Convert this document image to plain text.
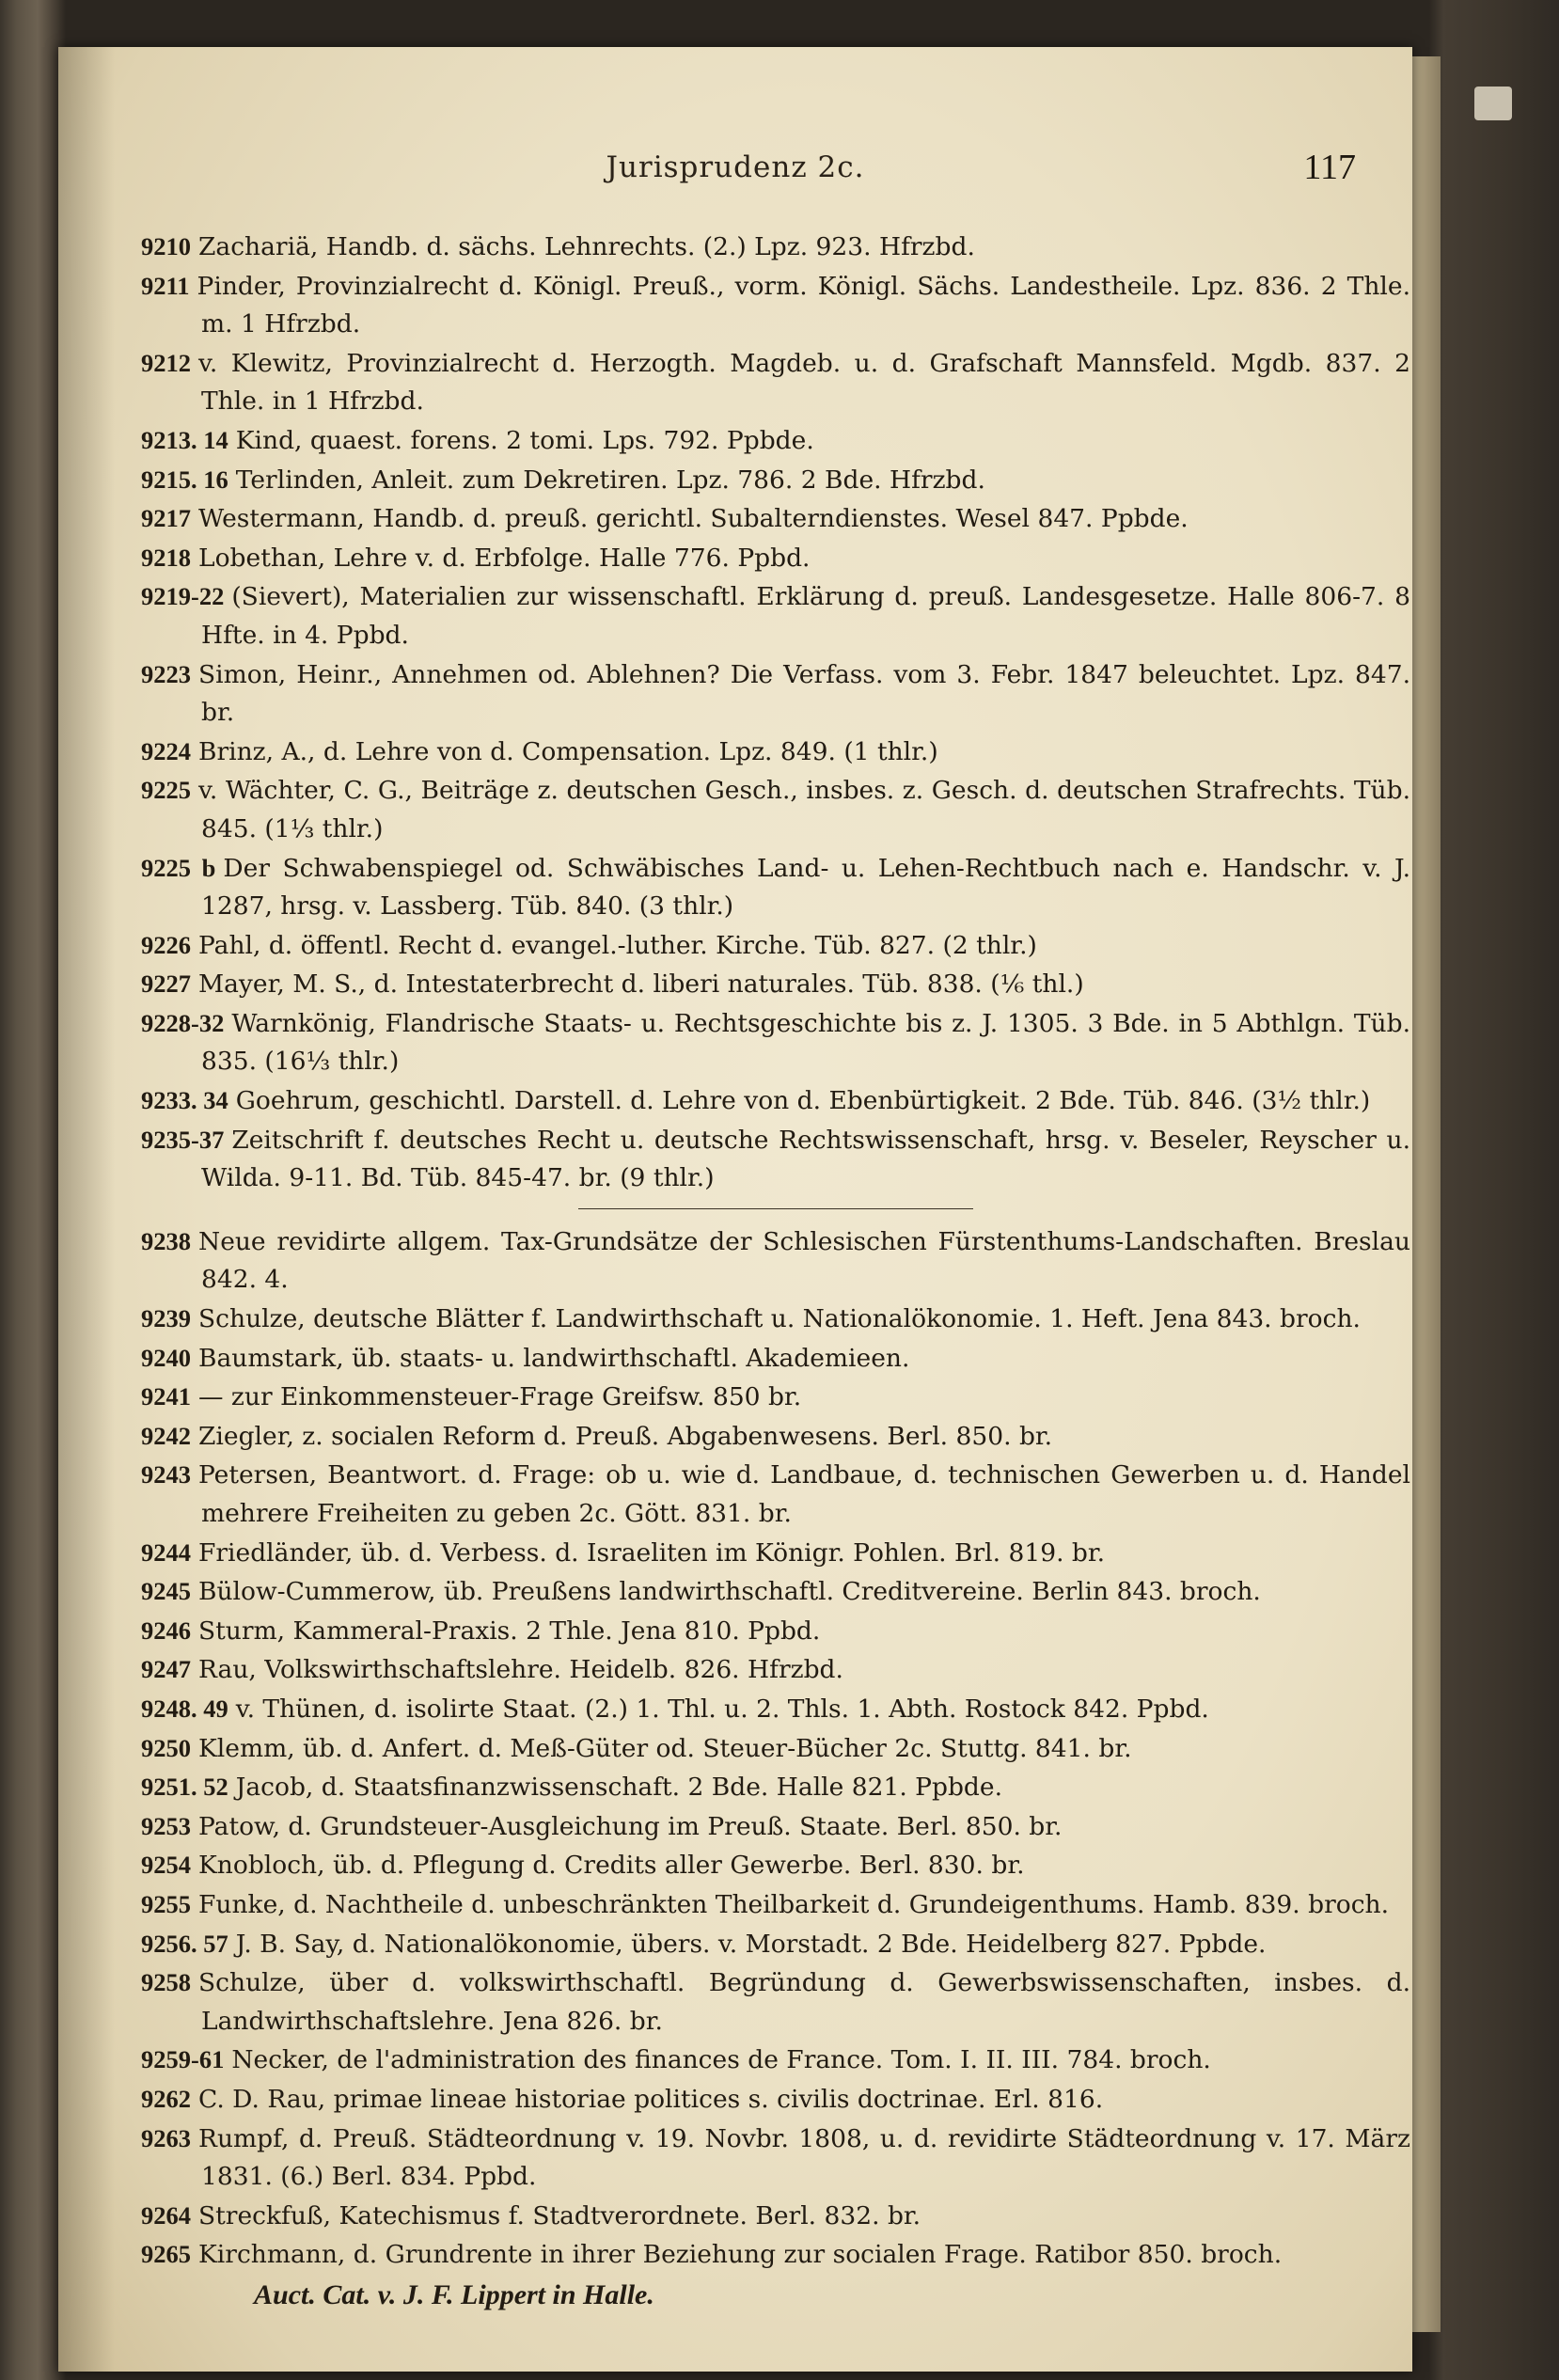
Jurisprudenz 2c.	117

9210 Zachariä, Handb. d. sächs. Lehnrechts. (2.) Lpz. 923. Hfrzbd.

9211 Pinder, Provinzialrecht d. Königl. Preuß., vorm. Königl. Sächs. Landestheile. Lpz. 836. 2 Thle. m. 1 Hfrzbd.

9212 v. Klewitz, Provinzialrecht d. Herzogth. Magdeb. u. d. Grafschaft Mannsfeld. Mgdb. 837. 2 Thle. in 1 Hfrzbd.

9213. 14 Kind, quaest. forens. 2 tomi. Lps. 792. Ppbde.

9215. 16 Terlinden, Anleit. zum Dekretiren. Lpz. 786. 2 Bde. Hfrzbd.

9217 Westermann, Handb. d. preuß. gerichtl. Subalterndienstes. Wesel 847. Ppbde.

9218 Lobethan, Lehre v. d. Erbfolge. Halle 776. Ppbd.

9219-22 (Sievert), Materialien zur wissenschaftl. Erklärung d. preuß. Landesgesetze. Halle 806-7. 8 Hfte. in 4. Ppbd.

9223 Simon, Heinr., Annehmen od. Ablehnen? Die Verfass. vom 3. Febr. 1847 beleuchtet. Lpz. 847. br.

9224 Brinz, A., d. Lehre von d. Compensation. Lpz. 849. (1 thlr.)

9225 v. Wächter, C. G., Beiträge z. deutschen Gesch., insbes. z. Gesch. d. deutschen Strafrechts. Tüb. 845. (1⅓ thlr.)

9225 b Der Schwabenspiegel od. Schwäbisches Land- u. Lehen-Rechtbuch nach e. Handschr. v. J. 1287, hrsg. v. Lassberg. Tüb. 840. (3 thlr.)

9226 Pahl, d. öffentl. Recht d. evangel.-luther. Kirche. Tüb. 827. (2 thlr.)

9227 Mayer, M. S., d. Intestaterbrecht d. liberi naturales. Tüb. 838. (⅙ thl.)

9228-32 Warnkönig, Flandrische Staats- u. Rechtsgeschichte bis z. J. 1305. 3 Bde. in 5 Abthlgn. Tüb. 835. (16⅓ thlr.)

9233. 34 Goehrum, geschichtl. Darstell. d. Lehre von d. Ebenbürtigkeit. 2 Bde. Tüb. 846. (3½ thlr.)

9235-37 Zeitschrift f. deutsches Recht u. deutsche Rechtswissenschaft, hrsg. v. Beseler, Reyscher u. Wilda. 9-11. Bd. Tüb. 845-47. br. (9 thlr.)

9238 Neue revidirte allgem. Tax-Grundsätze der Schlesischen Fürstenthums-Landschaften. Breslau 842. 4.

9239 Schulze, deutsche Blätter f. Landwirthschaft u. Nationalökonomie. 1. Heft. Jena 843. broch.

9240 Baumstark, üb. staats- u. landwirthschaftl. Akademieen.

9241 — zur Einkommensteuer-Frage Greifsw. 850 br.

9242 Ziegler, z. socialen Reform d. Preuß. Abgabenwesens. Berl. 850. br.

9243 Petersen, Beantwort. d. Frage: ob u. wie d. Landbaue, d. technischen Gewerben u. d. Handel mehrere Freiheiten zu geben 2c. Gött. 831. br.

9244 Friedländer, üb. d. Verbess. d. Israeliten im Königr. Pohlen. Brl. 819. br.

9245 Bülow-Cummerow, üb. Preußens landwirthschaftl. Creditvereine. Berlin 843. broch.

9246 Sturm, Kammeral-Praxis. 2 Thle. Jena 810. Ppbd.

9247 Rau, Volkswirthschaftslehre. Heidelb. 826. Hfrzbd.

9248. 49 v. Thünen, d. isolirte Staat. (2.) 1. Thl. u. 2. Thls. 1. Abth. Rostock 842. Ppbd.

9250 Klemm, üb. d. Anfert. d. Meß-Güter od. Steuer-Bücher 2c. Stuttg. 841. br.

9251. 52 Jacob, d. Staatsfinanzwissenschaft. 2 Bde. Halle 821. Ppbde.

9253 Patow, d. Grundsteuer-Ausgleichung im Preuß. Staate. Berl. 850. br.

9254 Knobloch, üb. d. Pflegung d. Credits aller Gewerbe. Berl. 830. br.

9255 Funke, d. Nachtheile d. unbeschränkten Theilbarkeit d. Grundeigenthums. Hamb. 839. broch.

9256. 57 J. B. Say, d. Nationalökonomie, übers. v. Morstadt. 2 Bde. Heidelberg 827. Ppbde.

9258 Schulze, über d. volkswirthschaftl. Begründung d. Gewerbswissenschaften, insbes. d. Landwirthschaftslehre. Jena 826. br.

9259-61 Necker, de l'administration des finances de France. Tom. I. II. III. 784. broch.

9262 C. D. Rau, primae lineae historiae politices s. civilis doctrinae. Erl. 816.

9263 Rumpf, d. Preuß. Städteordnung v. 19. Novbr. 1808, u. d. revidirte Städteordnung v. 17. März 1831. (6.) Berl. 834. Ppbd.

9264 Streckfuß, Katechismus f. Stadtverordnete. Berl. 832. br.

9265 Kirchmann, d. Grundrente in ihrer Beziehung zur socialen Frage. Ratibor 850. broch.

Auct. Cat. v. J. F. Lippert in Halle.
